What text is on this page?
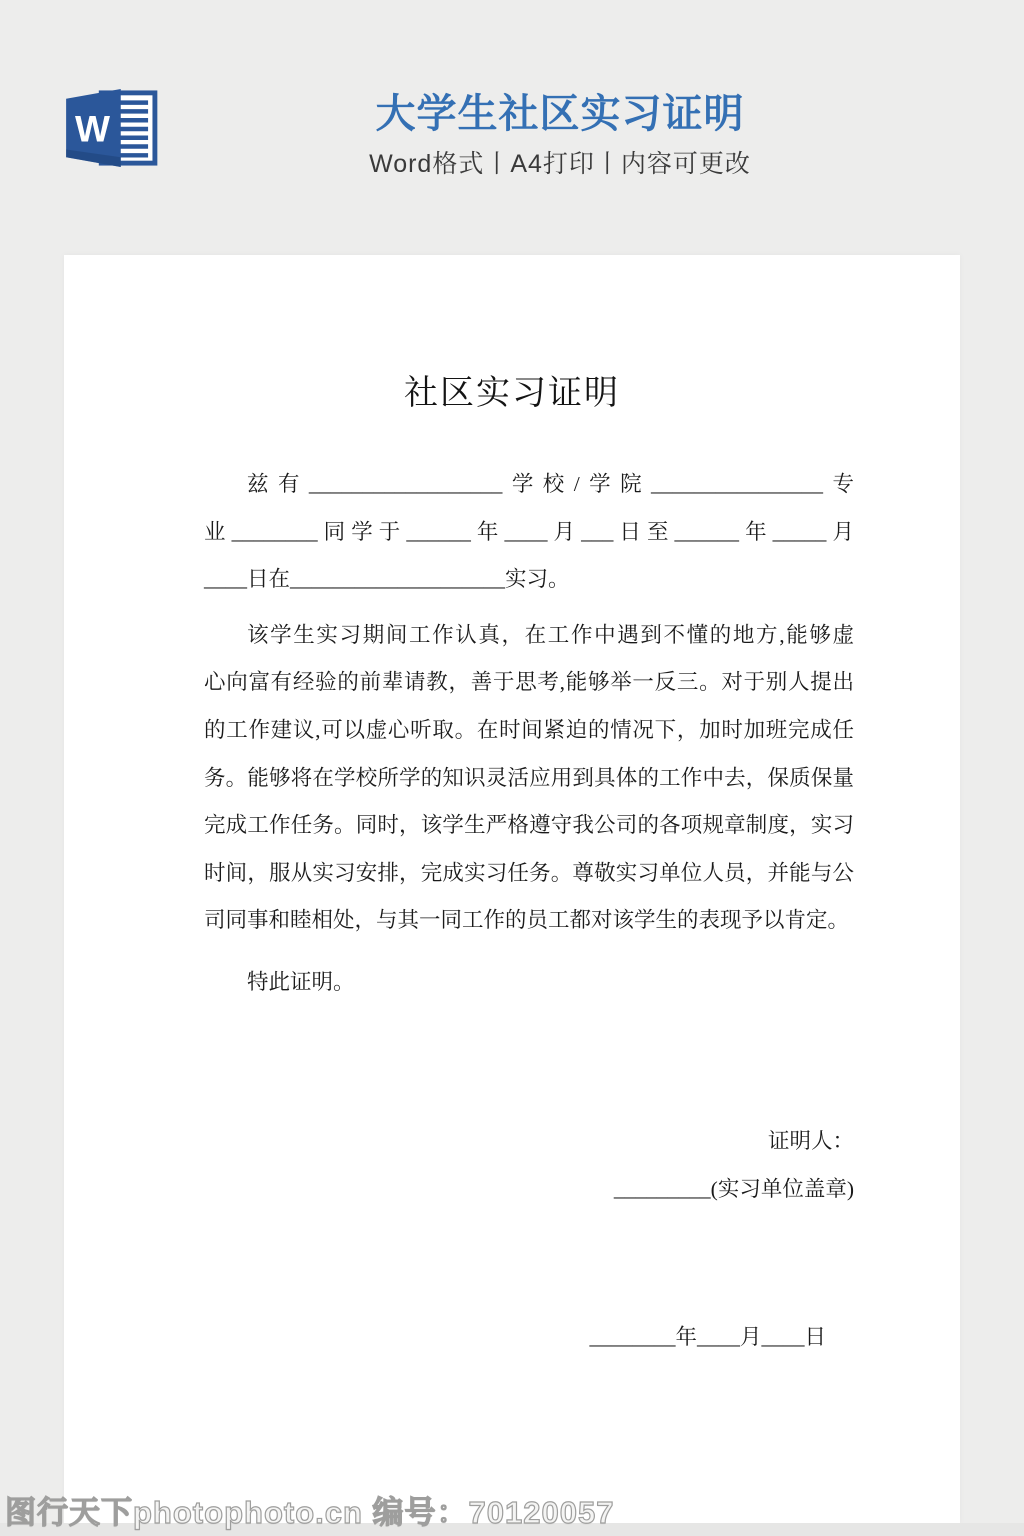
W	大学生社区实习证明
Word格式丨A4打印丨内容可更改
社区实习证明
兹有__________________学校/学院________________专
业________同学于______年____月___日至______年_____月
____日在____________________实习。
该学生实习期间工作认真，在工作中遇到不懂的地方,能够虚
心向富有经验的前辈请教，善于思考,能够举一反三。对于别人提出
的工作建议,可以虚心听取。在时间紧迫的情况下，加时加班完成任
务。能够将在学校所学的知识灵活应用到具体的工作中去，保质保量
完成工作任务。同时，该学生严格遵守我公司的各项规章制度，实习
时间，服从实习安排，完成实习任务。尊敬实习单位人员，并能与公
司同事和睦相处，与其一同工作的员工都对该学生的表现予以肯定。
特此证明。

证明人：
_________(实习单位盖章)

________年____月____日
图行天下photophoto.cn 编号：70120057
